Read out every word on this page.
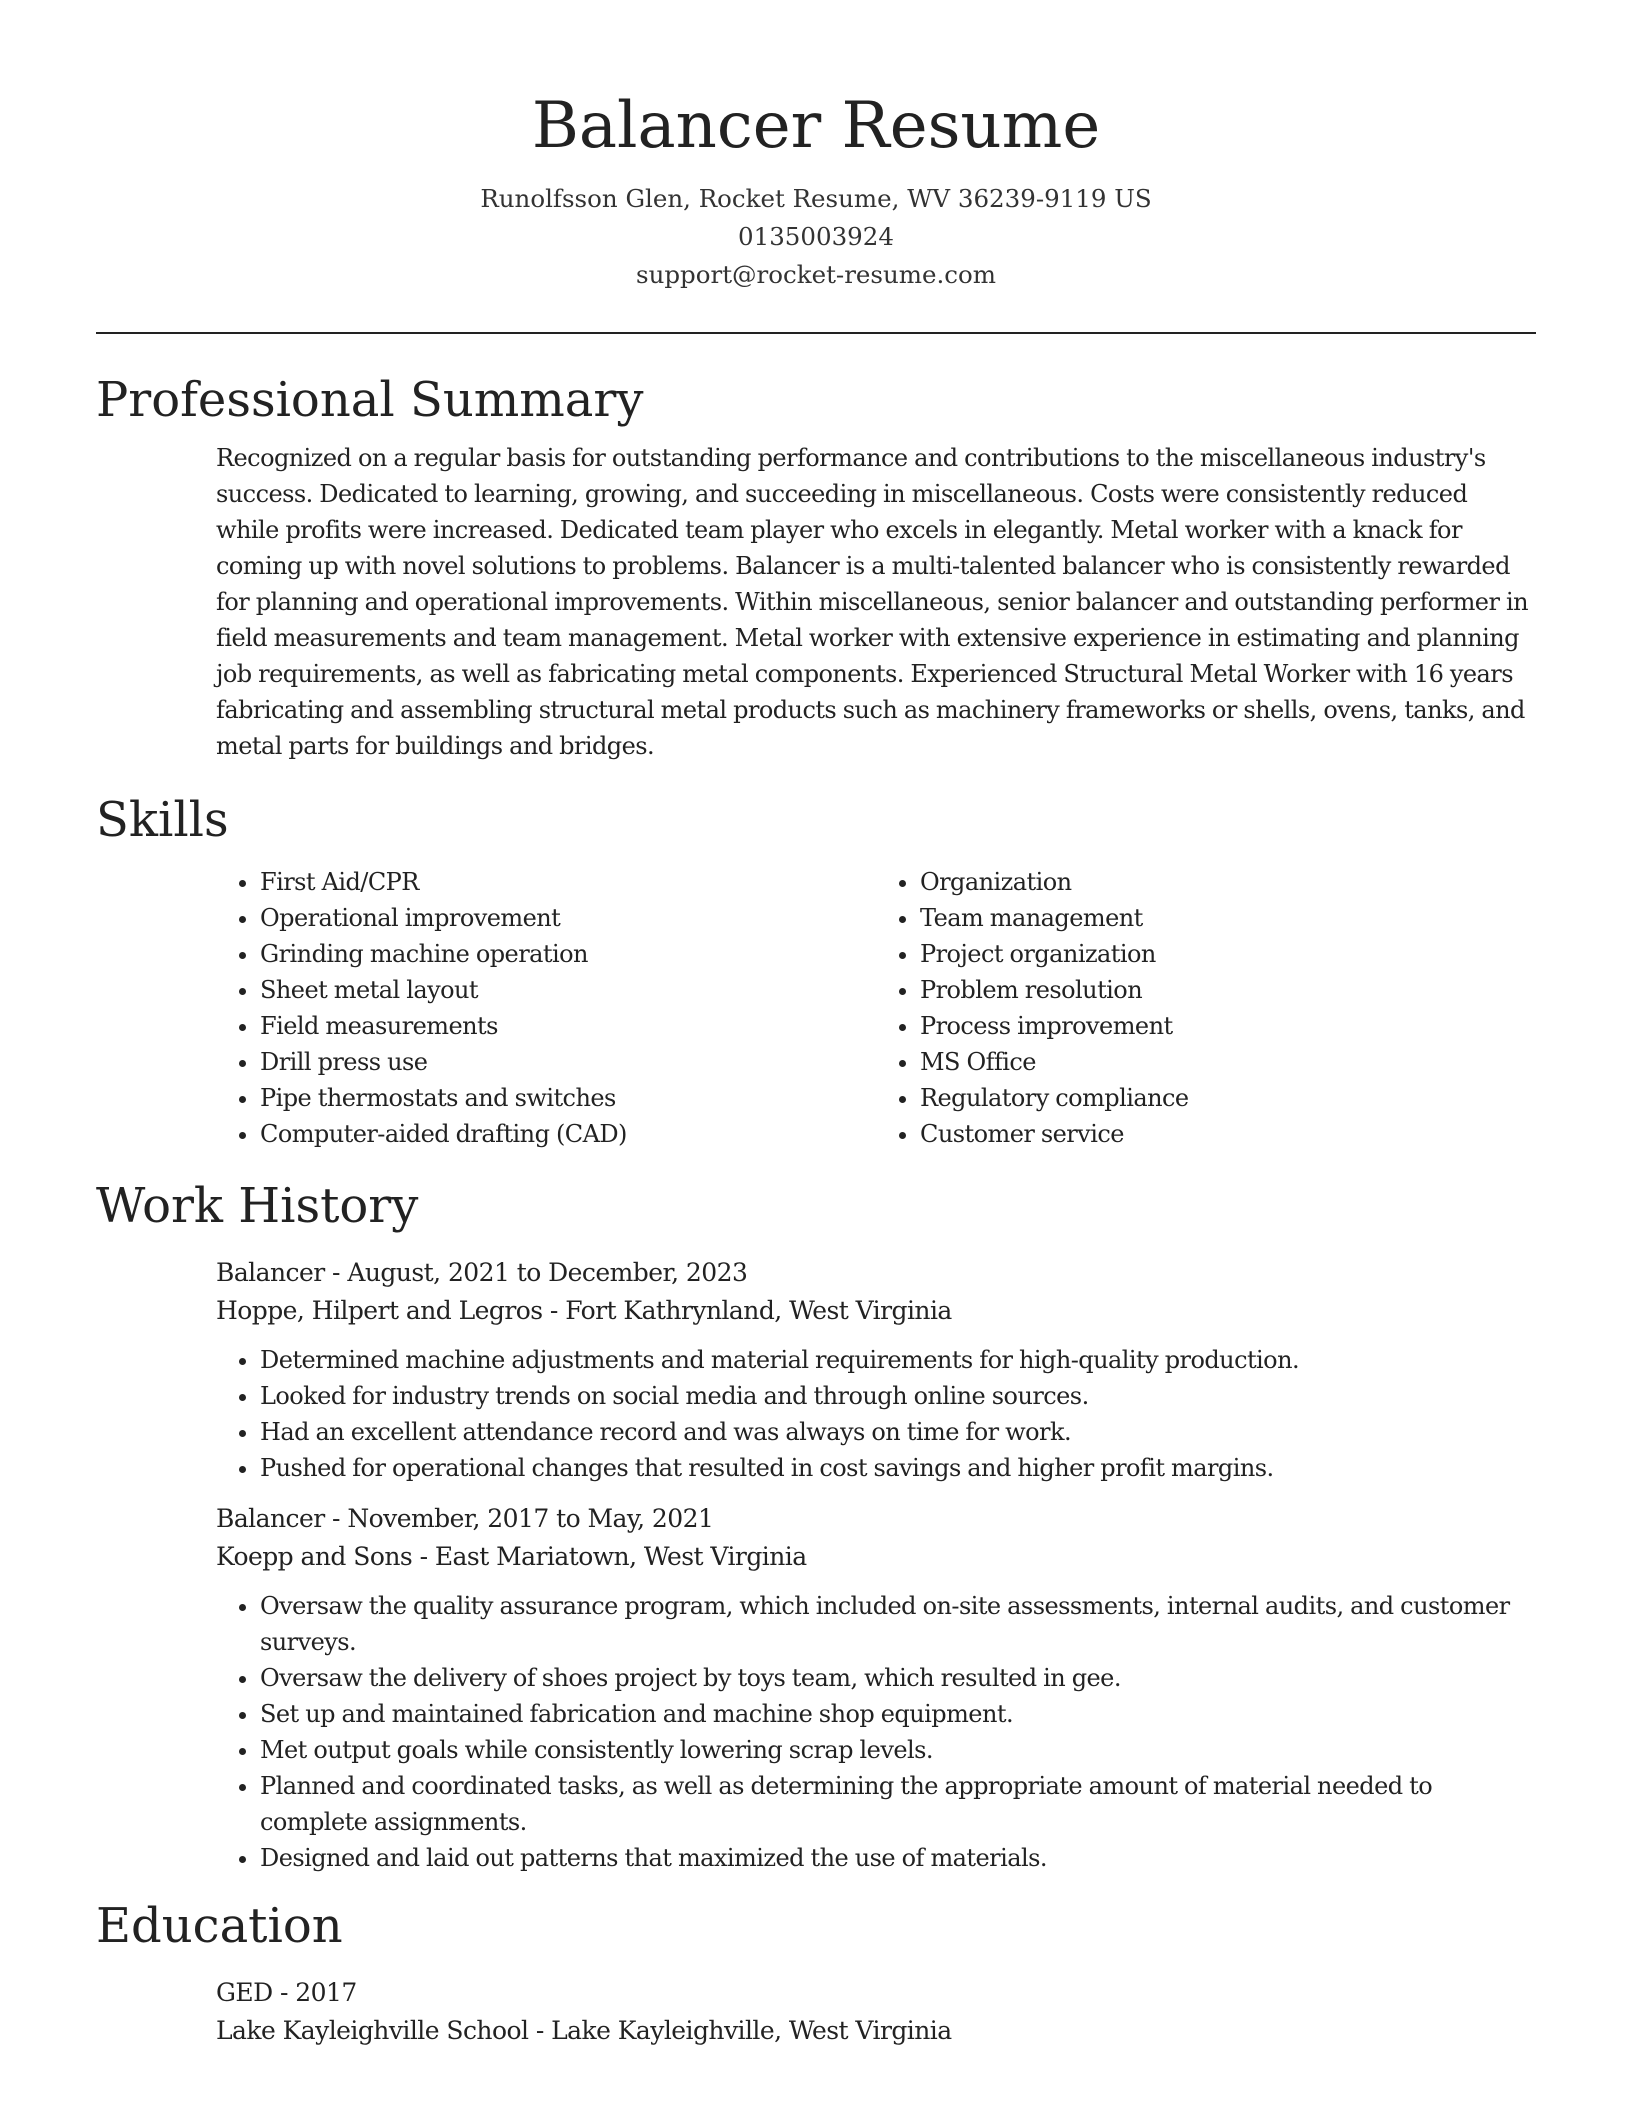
Balancer Resume
Runolfsson Glen, Rocket Resume, WV 36239-9119 US
0135003924
support@rocket-resume.com
Professional Summary

Recognized on a regular basis for outstanding performance and contributions to the miscellaneous industry's success. Dedicated to learning, growing, and succeeding in miscellaneous. Costs were consistently reduced while profits were increased. Dedicated team player who excels in elegantly. Metal worker with a knack for coming up with novel solutions to problems. Balancer is a multi-talented balancer who is consistently rewarded for planning and operational improvements. Within miscellaneous, senior balancer and outstanding performer in field measurements and team management. Metal worker with extensive experience in estimating and planning job requirements, as well as fabricating metal components. Experienced Structural Metal Worker with 16 years fabricating and assembling structural metal products such as machinery frameworks or shells, ovens, tanks, and metal parts for buildings and bridges.

Skills
• First Aid/CPR
• Operational improvement
• Grinding machine operation
• Sheet metal layout
• Field measurements
• Drill press use
• Pipe thermostats and switches
• Computer-aided drafting (CAD)
• Organization
• Team management
• Project organization
• Problem resolution
• Process improvement
• MS Office
• Regulatory compliance
• Customer service
Work History
Balancer - August, 2021 to December, 2023
Hoppe, Hilpert and Legros - Fort Kathrynland, West Virginia
• Determined machine adjustments and material requirements for high-quality production.
• Looked for industry trends on social media and through online sources.
• Had an excellent attendance record and was always on time for work.
• Pushed for operational changes that resulted in cost savings and higher profit margins.
Balancer - November, 2017 to May, 2021
Koepp and Sons - East Mariatown, West Virginia
• Oversaw the quality assurance program, which included on-site assessments, internal audits, and customer surveys.
• Oversaw the delivery of shoes project by toys team, which resulted in gee.
• Set up and maintained fabrication and machine shop equipment.
• Met output goals while consistently lowering scrap levels.
• Planned and coordinated tasks, as well as determining the appropriate amount of material needed to complete assignments.
• Designed and laid out patterns that maximized the use of materials.
Education
GED - 2017
Lake Kayleighville School - Lake Kayleighville, West Virginia
